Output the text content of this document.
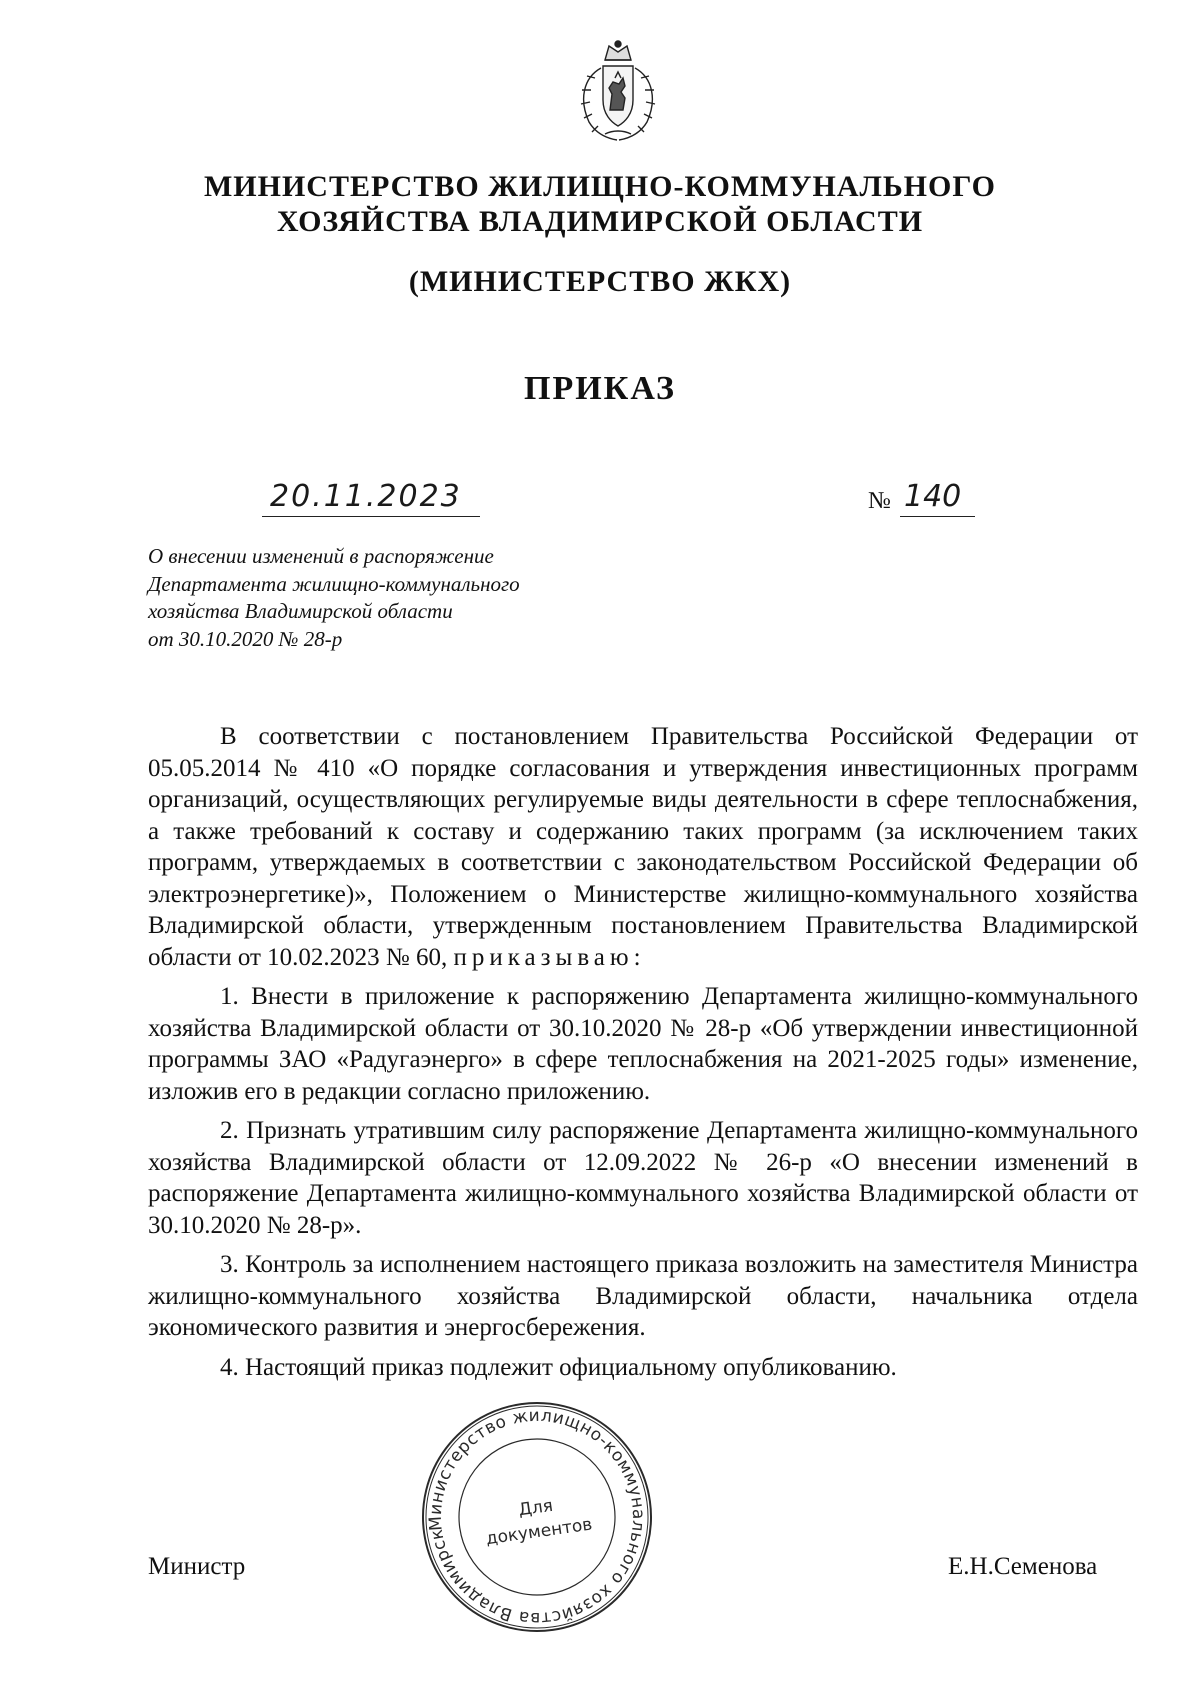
МИНИСТЕРСТВО ЖИЛИЩНО-КОММУНАЛЬНОГО
ХОЗЯЙСТВА ВЛАДИМИРСКОЙ ОБЛАСТИ
(МИНИСТЕРСТВО ЖКХ)
ПРИКАЗ
20.11.2023	№ 140
О внесении изменений в распоряжение
Департамента жилищно-коммунального
хозяйства Владимирской области
от 30.10.2020 № 28-р

В соответствии с постановлением Правительства Российской Федерации от 05.05.2014 № 410 «О порядке согласования и утверждения инвестиционных программ организаций, осуществляющих регулируемые виды деятельности в сфере теплоснабжения, а также требований к составу и содержанию таких программ (за исключением таких программ, утверждаемых в соответствии с законодательством Российской Федерации об электроэнергетике)», Положением о Министерстве жилищно-коммунального хозяйства Владимирской области, утвержденным постановлением Правительства Владимирской области от 10.02.2023 № 60, приказываю:

1. Внести в приложение к распоряжению Департамента жилищно-коммунального хозяйства Владимирской области от 30.10.2020 № 28-р «Об утверждении инвестиционной программы ЗАО «Радугаэнерго» в сфере теплоснабжения на 2021-2025 годы» изменение, изложив его в редакции согласно приложению.

2. Признать утратившим силу распоряжение Департамента жилищно-коммунального хозяйства Владимирской области от 12.09.2022 № 26-р «О внесении изменений в распоряжение Департамента жилищно-коммунального хозяйства Владимирской области от 30.10.2020 № 28-р».

3. Контроль за исполнением настоящего приказа возложить на заместителя Министра жилищно-коммунального хозяйства Владимирской области, начальника отдела экономического развития и энергосбережения.

4. Настоящий приказ подлежит официальному опубликованию.

Министр	Е.Н.Семенова
Министерство жилищно-коммунального хозяйства Владимирской
Для
документов
